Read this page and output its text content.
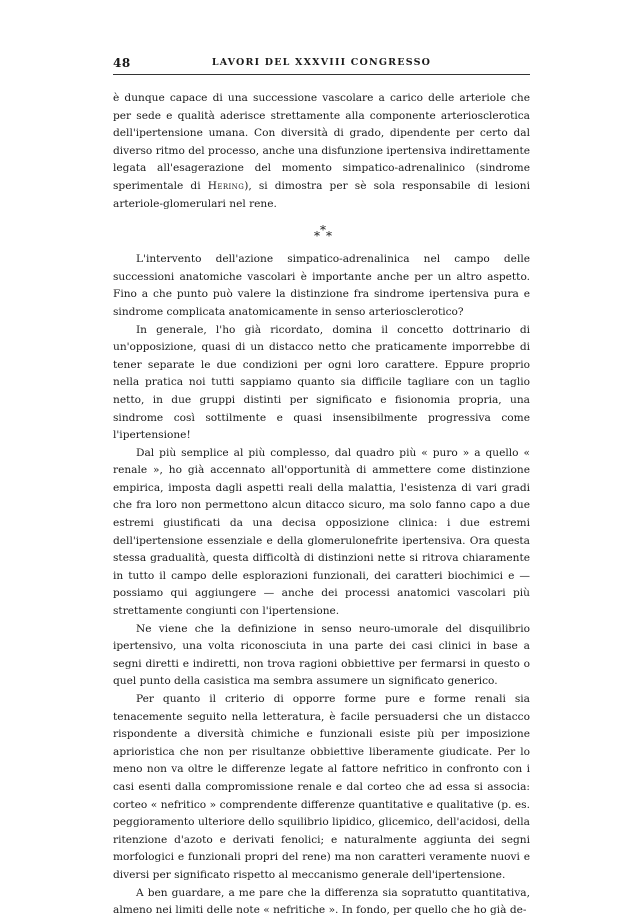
48	LAVORI DEL XXXVIII CONGRESSO

è dunque capace di una successione vascolare a carico delle arteriole che per sede e qualità aderisce strettamente alla componente arteriosclerotica dell'ipertensione umana. Con diversità di grado, dipendente per certo dal diverso ritmo del processo, anche una disfunzione ipertensiva indirettamente legata all'esagerazione del momento simpatico-adrenalinico (sindrome sperimentale di Hering), si dimostra per sè sola responsabile di lesioni arteriole-glomerulari nel rene.

*
* *

L'intervento dell'azione simpatico-adrenalinica nel campo delle successioni anatomiche vascolari è importante anche per un altro aspetto. Fino a che punto può valere la distinzione fra sindrome ipertensiva pura e sindrome complicata anatomicamente in senso arteriosclerotico?

In generale, l'ho già ricordato, domina il concetto dottrinario di un'opposizione, quasi di un distacco netto che praticamente imporrebbe di tener separate le due condizioni per ogni loro carattere. Eppure proprio nella pratica noi tutti sappiamo quanto sia difficile tagliare con un taglio netto, in due gruppi distinti per significato e fisionomia propria, una sindrome così sottilmente e quasi insensibilmente progressiva come l'ipertensione!

Dal più semplice al più complesso, dal quadro più « puro » a quello « renale », ho già accennato all'opportunità di ammettere come distinzione empirica, imposta dagli aspetti reali della malattia, l'esistenza di vari gradi che fra loro non permettono alcun ditacco sicuro, ma solo fanno capo a due estremi giustificati da una decisa opposizione clinica: i due estremi dell'ipertensione essenziale e della glomerulonefrite ipertensiva. Ora questa stessa gradualità, questa difficoltà di distinzioni nette si ritrova chiaramente in tutto il campo delle esplorazioni funzionali, dei caratteri biochimici e — possiamo qui aggiungere — anche dei processi anatomici vascolari più strettamente congiunti con l'ipertensione.

Ne viene che la definizione in senso neuro-umorale del disquilibrio ipertensivo, una volta riconosciuta in una parte dei casi clinici in base a segni diretti e indiretti, non trova ragioni obbiettive per fermarsi in questo o quel punto della casistica ma sembra assumere un significato generico.

Per quanto il criterio di opporre forme pure e forme renali sia tenacemente seguito nella letteratura, è facile persuadersi che un distacco rispondente a diversità chimiche e funzionali esiste più per imposizione aprioristica che non per risultanze obbiettive liberamente giudicate. Per lo meno non va oltre le differenze legate al fattore nefritico in confronto con i casi esenti dalla compromissione renale e dal corteo che ad essa si associa: corteo « nefritico » comprendente differenze quantitative e qualitative (p. es. peggioramento ulteriore dello squilibrio lipidico, glicemico, dell'acidosi, della ritenzione d'azoto e derivati fenolici; e naturalmente aggiunta dei segni morfologici e funzionali propri del rene) ma non caratteri veramente nuovi e diversi per significato rispetto al meccanismo generale dell'ipertensione.

A ben guardare, a me pare che la differenza sia sopratutto quantitativa, almeno nei limiti delle note « nefritiche ». In fondo, per quello che ho già de-
